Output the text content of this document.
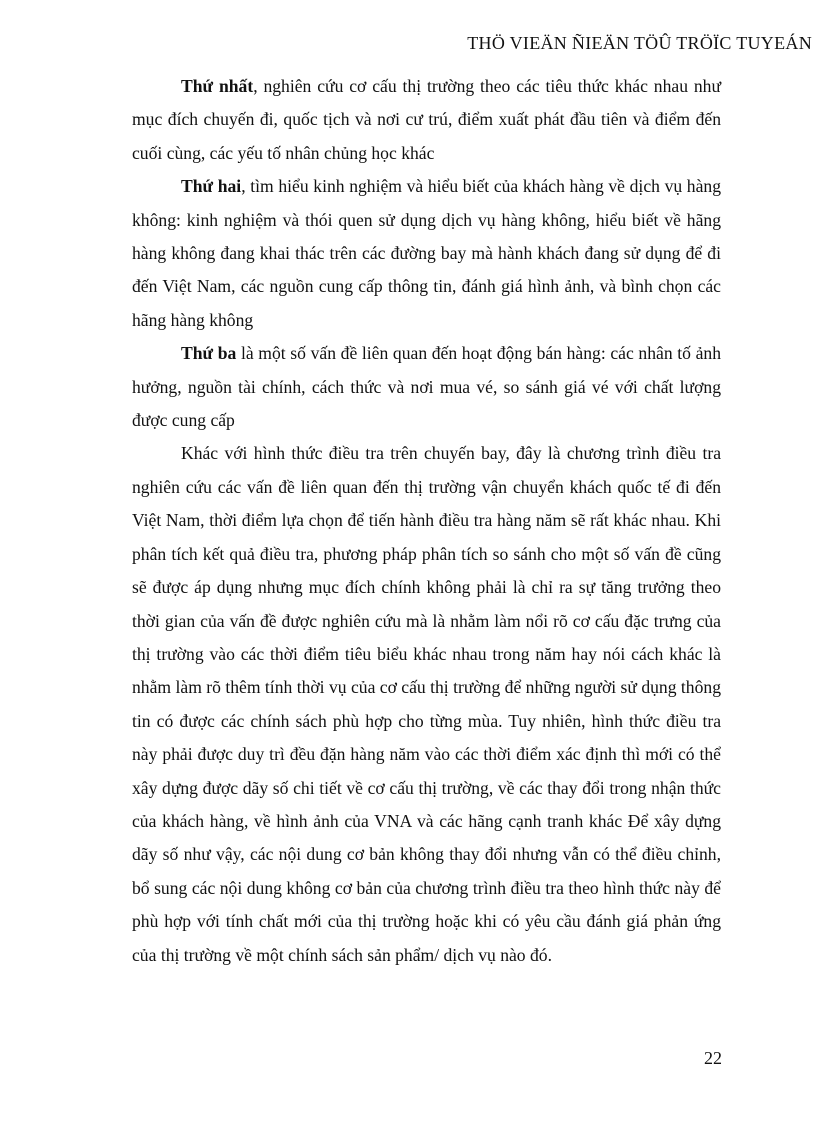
THÖ VIEÄN ÑIEÄN TÖÛ TRÖÏC TUYEÁN

Thứ nhất, nghiên cứu cơ cấu thị trường theo các tiêu thức khác nhau như mục đích chuyến đi, quốc tịch và nơi cư trú, điểm xuất phát đầu tiên và điểm đến cuối cùng, các yếu tố nhân chủng học khác

Thứ hai, tìm hiểu kinh nghiệm và hiểu biết của khách hàng về dịch vụ hàng không: kinh nghiệm và thói quen sử dụng dịch vụ hàng không, hiểu biết về hãng hàng không đang khai thác trên các đường bay mà hành khách đang sử dụng để đi đến Việt Nam, các nguồn cung cấp thông tin, đánh giá hình ảnh, và bình chọn các hãng hàng không

Thứ ba là một số vấn đề liên quan đến hoạt động bán hàng: các nhân tố ảnh hưởng, nguồn tài chính, cách thức và nơi mua vé, so sánh giá vé với chất lượng được cung cấp

Khác với hình thức điều tra trên chuyến bay, đây là chương trình điều tra nghiên cứu các vấn đề liên quan đến thị trường vận chuyển khách quốc tế đi đến Việt Nam, thời điểm lựa chọn để tiến hành điều tra hàng năm sẽ rất khác nhau. Khi phân tích kết quả điều tra, phương pháp phân tích so sánh cho một số vấn đề cũng sẽ được áp dụng nhưng mục đích chính không phải là chỉ ra sự tăng trưởng theo thời gian của vấn đề được nghiên cứu mà là nhằm làm nổi rõ cơ cấu đặc trưng của thị trường vào các thời điểm tiêu biểu khác nhau trong năm hay nói cách khác là nhằm làm rõ thêm tính thời vụ của cơ cấu thị trường để những người sử dụng thông tin có được các chính sách phù hợp cho từng mùa. Tuy nhiên, hình thức điều tra này phải được duy trì đều đặn hàng năm vào các thời điểm xác định thì mới có thể xây dựng được dãy số chi tiết về cơ cấu thị trường, về các thay đổi trong nhận thức của khách hàng, về hình ảnh của VNA và các hãng cạnh tranh khác Để xây dựng dãy số như vậy, các nội dung cơ bản không thay đổi nhưng vẫn có thể điều chỉnh, bổ sung các nội dung không cơ bản của chương trình điều tra theo hình thức này để phù hợp với tính chất mới của thị trường hoặc khi có yêu cầu đánh giá phản ứng của thị trường về một chính sách sản phẩm/ dịch vụ nào đó.

22
